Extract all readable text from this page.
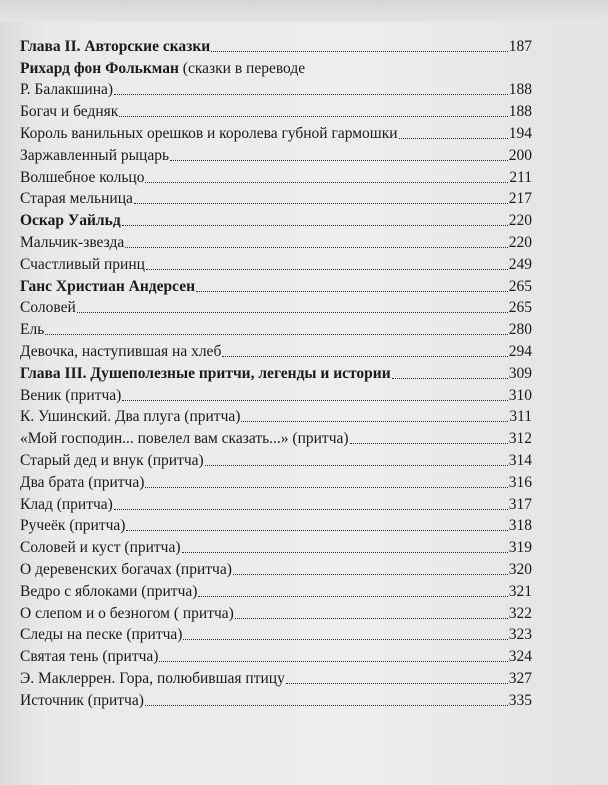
Глава II. Авторские сказки	187
Рихард фон Фолькман (сказки в переводе
Р. Балакшина)	188
Богач и бедняк	188
Король ванильных орешков и королева губной гармошки	194
Заржавленный рыцарь	200
Волшебное кольцо	211
Старая мельница	217
Оскар Уайльд	220
Мальчик-звезда	220
Счастливый принц	249
Ганс Христиан Андерсен	265
Соловей	265
Ель	280
Девочка, наступившая на хлеб	294
Глава III. Душеполезные притчи, легенды и истории	309
Веник (притча)	310
К. Ушинский. Два плуга (притча)	311
«Мой господин... повелел вам сказать...» (притча)	312
Старый дед и внук (притча)	314
Два брата (притча)	316
Клад (притча)	317
Ручеёк (притча)	318
Соловей и куст (притча)	319
О деревенских богачах (притча)	320
Ведро с яблоками (притча)	321
О слепом и о безногом ( притча)	322
Следы на песке (притча)	323
Святая тень (притча)	324
Э. Маклеррен. Гора, полюбившая птицу	327
Источник (притча)	335
